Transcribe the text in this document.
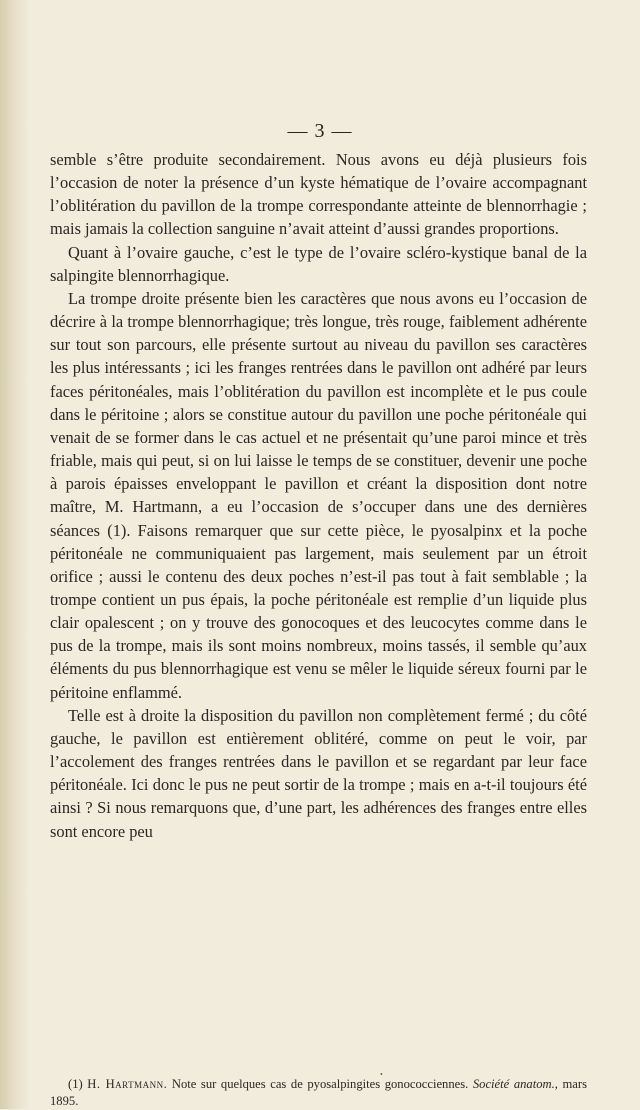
— 3 —

semble s’être produite secondairement. Nous avons eu déjà plusieurs fois l’occasion de noter la présence d’un kyste hématique de l’ovaire accompagnant l’oblitération du pavillon de la trompe correspondante atteinte de blennorrhagie ; mais jamais la collection sanguine n’avait atteint d’aussi grandes proportions.

Quant à l’ovaire gauche, c’est le type de l’ovaire scléro-kystique banal de la salpingite blennorrhagique.

La trompe droite présente bien les caractères que nous avons eu l’occasion de décrire à la trompe blennorrhagique; très longue, très rouge, faiblement adhérente sur tout son parcours, elle présente surtout au niveau du pavillon ses caractères les plus intéressants ; ici les franges rentrées dans le pavillon ont adhéré par leurs faces péritonéales, mais l’oblitération du pavillon est incomplète et le pus coule dans le péritoine ; alors se constitue autour du pavillon une poche péritonéale qui venait de se former dans le cas actuel et ne présentait qu’une paroi mince et très friable, mais qui peut, si on lui laisse le temps de se constituer, devenir une poche à parois épaisses enveloppant le pavillon et créant la disposition dont notre maître, M. Hartmann, a eu l’occasion de s’occuper dans une des dernières séances (1). Faisons remarquer que sur cette pièce, le pyosalpinx et la poche péritonéale ne communiquaient pas largement, mais seulement par un étroit orifice ; aussi le contenu des deux poches n’est-il pas tout à fait semblable ; la trompe contient un pus épais, la poche péritonéale est remplie d’un liquide plus clair opalescent ; on y trouve des gonocoques et des leucocytes comme dans le pus de la trompe, mais ils sont moins nombreux, moins tassés, il semble qu’aux éléments du pus blennorrhagique est venu se mêler le liquide séreux fourni par le péritoine enflammé.

Telle est à droite la disposition du pavillon non complètement fermé ; du côté gauche, le pavillon est entièrement oblitéré, comme on peut le voir, par l’accolement des franges rentrées dans le pavillon et se regardant par leur face péritonéale. Ici donc le pus ne peut sortir de la trompe ; mais en a-t-il toujours été ainsi ? Si nous remarquons que, d’une part, les adhérences des franges entre elles sont encore peu

•
(1) H. Hartmann. Note sur quelques cas de pyosalpingites gonococciennes. Société anatom., mars 1895.
